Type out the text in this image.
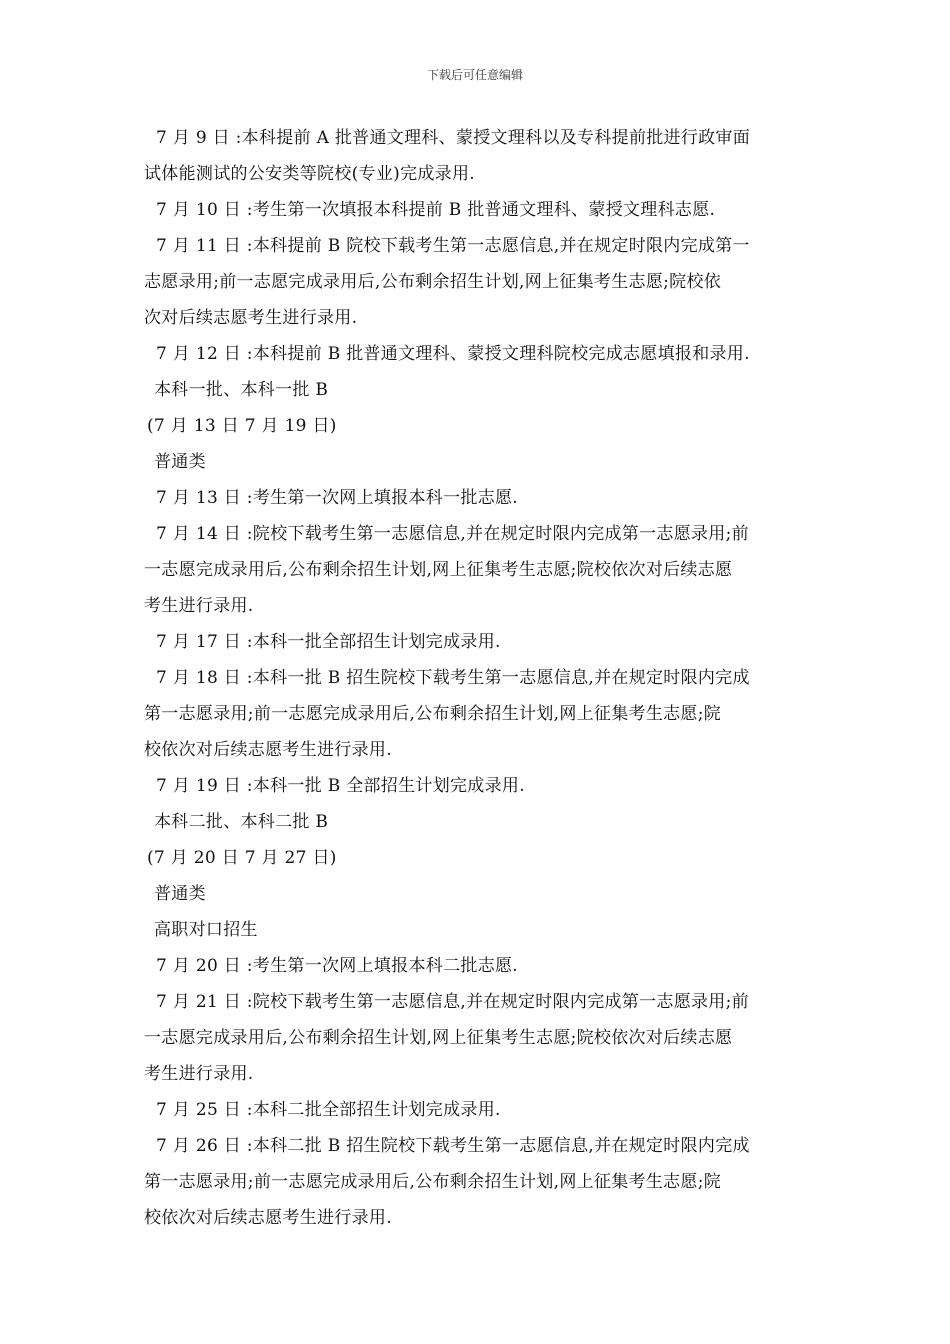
下载后可任意编辑
7 月 9 日 :本科提前 A 批普通文理科、蒙授文理科以及专科提前批进行政审面
试体能测试的公安类等院校(专业)完成录用.
7 月 10 日 :考生第一次填报本科提前 B 批普通文理科、蒙授文理科志愿.
7 月 11 日 :本科提前 B 院校下载考生第一志愿信息,并在规定时限内完成第一
志愿录用;前一志愿完成录用后,公布剩余招生计划,网上征集考生志愿;院校依
次对后续志愿考生进行录用.
7 月 12 日 :本科提前 B 批普通文理科、蒙授文理科院校完成志愿填报和录用.
本科一批、本科一批 B
(7 月 13 日 7 月 19 日)
普通类
7 月 13 日 :考生第一次网上填报本科一批志愿.
7 月 14 日 :院校下载考生第一志愿信息,并在规定时限内完成第一志愿录用;前
一志愿完成录用后,公布剩余招生计划,网上征集考生志愿;院校依次对后续志愿
考生进行录用.
7 月 17 日 :本科一批全部招生计划完成录用.
7 月 18 日 :本科一批 B 招生院校下载考生第一志愿信息,并在规定时限内完成
第一志愿录用;前一志愿完成录用后,公布剩余招生计划,网上征集考生志愿;院
校依次对后续志愿考生进行录用.
7 月 19 日 :本科一批 B 全部招生计划完成录用.
本科二批、本科二批 B
(7 月 20 日 7 月 27 日)
普通类
高职对口招生
7 月 20 日 :考生第一次网上填报本科二批志愿.
7 月 21 日 :院校下载考生第一志愿信息,并在规定时限内完成第一志愿录用;前
一志愿完成录用后,公布剩余招生计划,网上征集考生志愿;院校依次对后续志愿
考生进行录用.
7 月 25 日 :本科二批全部招生计划完成录用.
7 月 26 日 :本科二批 B 招生院校下载考生第一志愿信息,并在规定时限内完成
第一志愿录用;前一志愿完成录用后,公布剩余招生计划,网上征集考生志愿;院
校依次对后续志愿考生进行录用.
